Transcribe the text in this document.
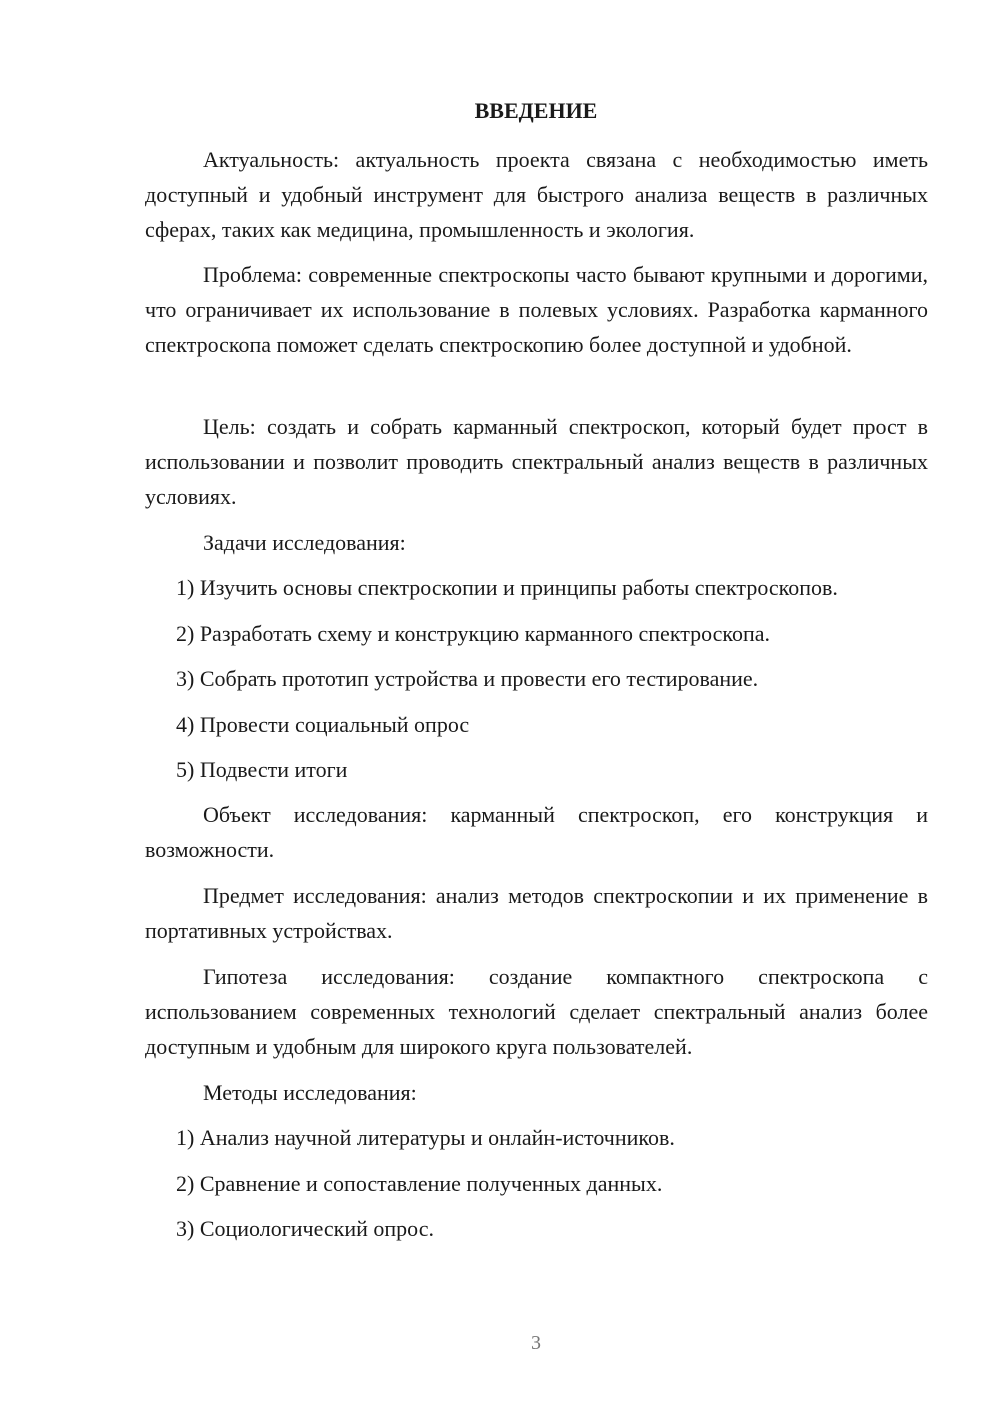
ВВЕДЕНИЕ

Актуальность: актуальность проекта связана с необходимостью иметь доступный и удобный инструмент для быстрого анализа веществ в различных сферах, таких как медицина, промышленность и экология.

Проблема: современные спектроскопы часто бывают крупными и дорогими, что ограничивает их использование в полевых условиях. Разработка карманного спектроскопа поможет сделать спектроскопию более доступной и удобной.

Цель: создать и собрать карманный спектроскоп, который будет прост в использовании и позволит проводить спектральный анализ веществ в различных условиях.

Задачи исследования:

1) Изучить основы спектроскопии и принципы работы спектроскопов.
2) Разработать схему и конструкцию карманного спектроскопа.
3) Собрать прототип устройства и провести его тестирование.
4) Провести социальный опрос
5) Подвести итоги

Объект исследования: карманный спектроскоп, его конструкция и возможности.

Предмет исследования: анализ методов спектроскопии и их применение в портативных устройствах.

Гипотеза исследования: создание компактного спектроскопа с использованием современных технологий сделает спектральный анализ более доступным и удобным для широкого круга пользователей.

Методы исследования:

1) Анализ научной литературы и онлайн-источников.
2) Сравнение и сопоставление полученных данных.
3) Социологический опрос.
3
